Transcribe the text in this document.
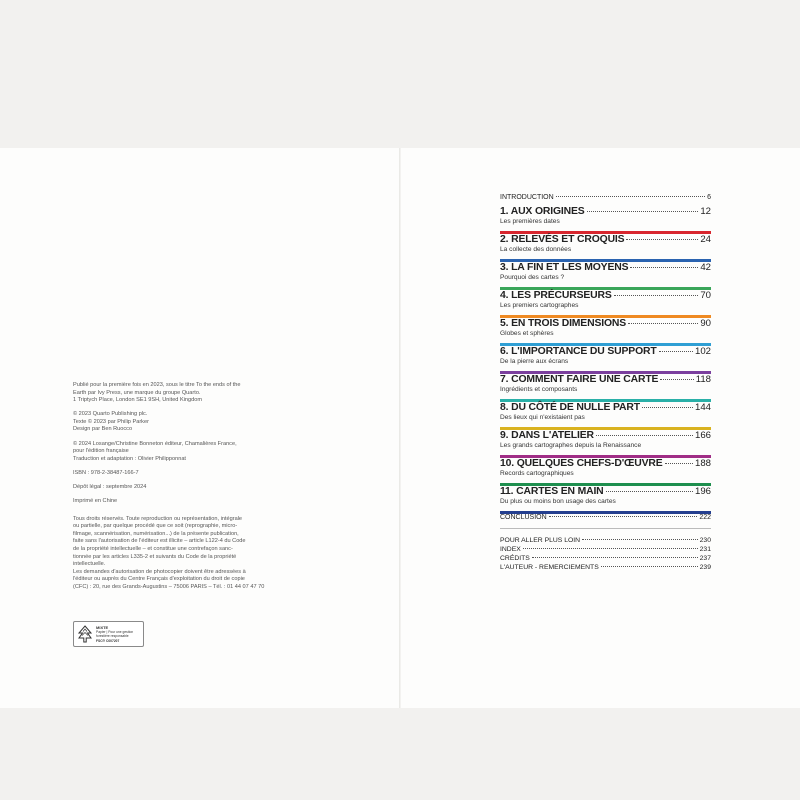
Publié pour la première fois en 2023, sous le titre To the ends of the
Earth par Ivy Press, une marque du groupe Quarto.
1 Triptych Place, London SE1 9SH, United Kingdom
© 2023 Quarto Publishing plc.
Texte © 2023 par Philip Parker
Design par Ben Ruocco
© 2024 Losange/Christine Bonneton éditeur, Chamalières France,
pour l'édition française
Traduction et adaptation : Olivier Philipponnat
ISBN : 978-2-38487-166-7
Dépôt légal : septembre 2024
Imprimé en Chine
Tous droits réservés. Toute reproduction ou représentation, intégrale
ou partielle, par quelque procédé que ce soit (reprographie, micro-
filmage, scannérisation, numérisation...) de la présente publication,
faite sans l'autorisation de l'éditeur est illicite – article L122-4 du Code
de la propriété intellectuelle – et constitue une contrefaçon sanc-
tionnée par les articles L335-2 et suivants du Code de la propriété
intellectuelle.
Les demandes d'autorisation de photocopier doivent être adressées à
l'éditeur ou auprès du Centre Français d'exploitation du droit de copie
(CFC) : 20, rue des Grands-Augustins – 75006 PARIS – Tél. : 01 44 07 47 70
MIXTE
Papier | Pour une gestion
forestière responsable
FSC® C007207
INTRODUCTION	6
1. AUX ORIGINES	12
Les premières dates
2. RELEVÉS ET CROQUIS	24
La collecte des données
3. LA FIN ET LES MOYENS	42
Pourquoi des cartes ?
4. LES PRÉCURSEURS	70
Les premiers cartographes
5. EN TROIS DIMENSIONS	90
Globes et sphères
6. L'IMPORTANCE DU SUPPORT	102
De la pierre aux écrans
7. COMMENT FAIRE UNE CARTE	118
Ingrédients et composants
8. DU CÔTÉ DE NULLE PART	144
Des lieux qui n'existaient pas
9. DANS L'ATELIER	166
Les grands cartographes depuis la Renaissance
10. QUELQUES CHEFS-D'ŒUVRE	188
Records cartographiques
11. CARTES EN MAIN	196
Du plus ou moins bon usage des cartes
CONCLUSION	222
POUR ALLER PLUS LOIN	230
INDEX	231
CRÉDITS	237
L'AUTEUR - REMERCIEMENTS	239
